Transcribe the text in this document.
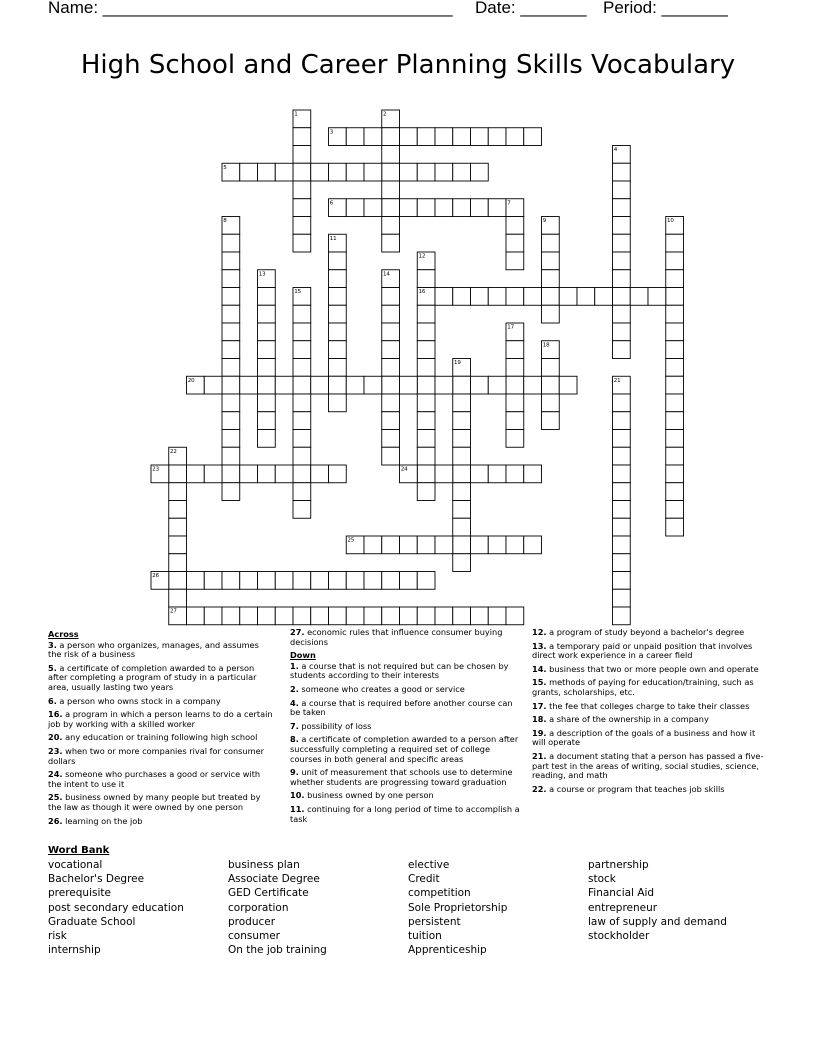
Name: _____________________________________ Date: _______ Period: _______
High School and Career Planning Skills Vocabulary
1	2
3
4
5
6	7
8	9	10
11
12
13	14
15	16
17
18
19
20	21
22
23	24
25
26
27
Across
3. a person who organizes, manages, and assumes the risk of a business
5. a certificate of completion awarded to a person after completing a program of study in a particular area, usually lasting two years
6. a person who owns stock in a company
16. a program in which a person learns to do a certain job by working with a skilled worker
20. any education or training following high school
23. when two or more companies rival for consumer dollars
24. someone who purchases a good or service with the intent to use it
25. business owned by many people but treated by the law as though it were owned by one person
26. learning on the job
27. economic rules that influence consumer buying decisions
Down
1. a course that is not required but can be chosen by students according to their interests
2. someone who creates a good or service
4. a course that is required before another course can be taken
7. possibility of loss
8. a certificate of completion awarded to a person after successfully completing a required set of college courses in both general and specific areas
9. unit of measurement that schools use to determine whether students are progressing toward graduation
10. business owned by one person
11. continuing for a long period of time to accomplish a task
12. a program of study beyond a bachelor's degree
13. a temporary paid or unpaid position that involves direct work experience in a career field
14. business that two or more people own and operate
15. methods of paying for education/training, such as grants, scholarships, etc.
17. the fee that colleges charge to take their classes
18. a share of the ownership in a company
19. a description of the goals of a business and how it will operate
21. a document stating that a person has passed a five-part test in the areas of writing, social studies, science, reading, and math
22. a course or program that teaches job skills
Word Bank
vocational
Bachelor's Degree
prerequisite
post secondary education
Graduate School
risk
internship
business plan
Associate Degree
GED Certificate
corporation
producer
consumer
On the job training
elective
Credit
competition
Sole Proprietorship
persistent
tuition
Apprenticeship
partnership
stock
Financial Aid
entrepreneur
law of supply and demand
stockholder
